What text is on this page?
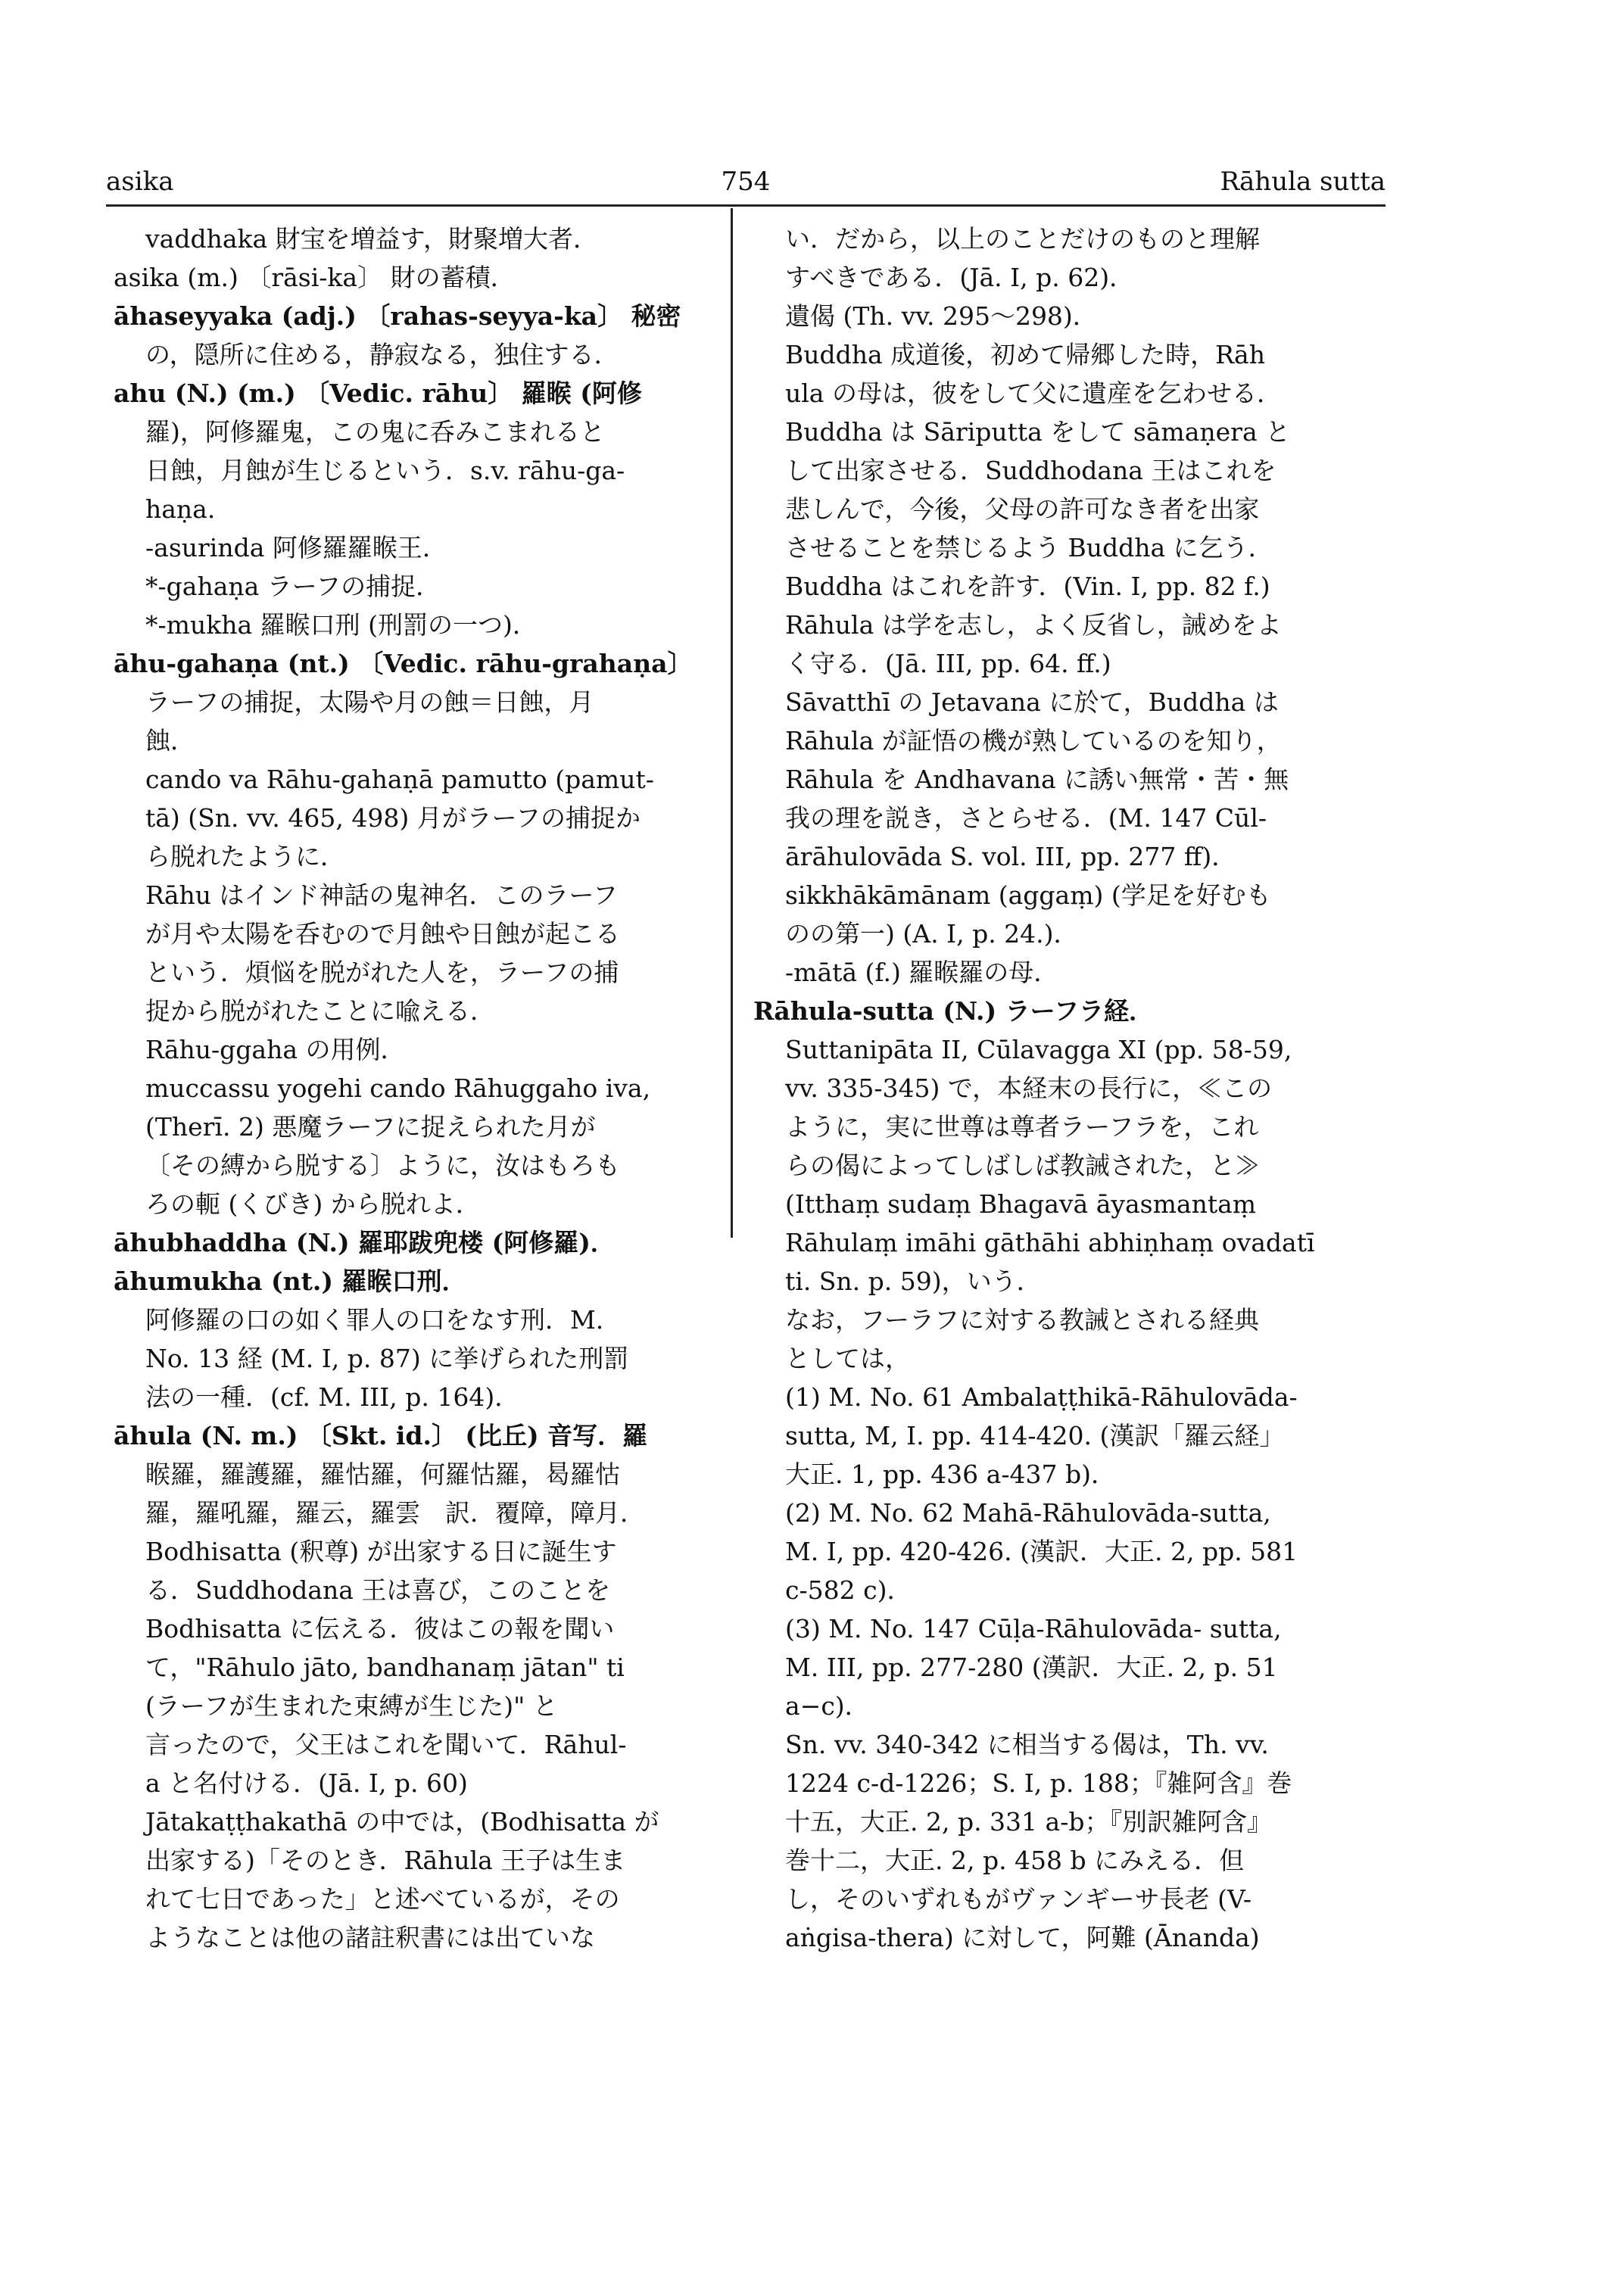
asika	754	Rāhula sutta
vaddhaka 財宝を増益す，財聚増大者．
asika (m.) 〔rāsi-ka〕 財の蓄積．
āhaseyyaka (adj.) 〔rahas-seyya-ka〕 秘密
の，隠所に住める，静寂なる，独住する．
ahu (N.) (m.) 〔Vedic. rāhu〕 羅睺 (阿修
羅)，阿修羅鬼，この鬼に呑みこまれると
日蝕，月蝕が生じるという．s.v. rāhu-ga-
haṇa.
-asurinda 阿修羅羅睺王．
*-gahaṇa ラーフの捕捉．
*-mukha 羅睺口刑 (刑罰の一つ)．
āhu-gahaṇa (nt.) 〔Vedic. rāhu-grahaṇa〕
ラーフの捕捉，太陽や月の蝕＝日蝕，月
蝕．
cando va Rāhu-gahaṇā pamutto (pamut-
tā) (Sn. vv. 465, 498) 月がラーフの捕捉か
ら脱れたように．
Rāhu はインド神話の鬼神名．このラーフ
が月や太陽を呑むので月蝕や日蝕が起こる
という．煩悩を脱がれた人を，ラーフの捕
捉から脱がれたことに喩える．
Rāhu-ggaha の用例．
muccassu yogehi cando Rāhuggaho iva,
(Therī. 2) 悪魔ラーフに捉えられた月が
〔その縛から脱する〕ように，汝はもろも
ろの軛 (くびき) から脱れよ．
āhubhaddha (N.) 羅耶跋兜楼 (阿修羅)．
āhumukha (nt.) 羅睺口刑．
阿修羅の口の如く罪人の口をなす刑．M.
No. 13 経 (M. I, p. 87) に挙げられた刑罰
法の一種．(cf. M. III, p. 164)．
āhula (N. m.) 〔Skt. id.〕 (比丘) 音写．羅
睺羅，羅護羅，羅怙羅，何羅怙羅，曷羅怙
羅，羅吼羅，羅云，羅雲　訳．覆障，障月．
Bodhisatta (釈尊) が出家する日に誕生す
る．Suddhodana 王は喜び，このことを
Bodhisatta に伝える．彼はこの報を聞い
て，"Rāhulo jāto, bandhanaṃ jātan" ti
(ラーフが生まれた束縛が生じた)" と
言ったので，父王はこれを聞いて．Rāhul-
a と名付ける．(Jā. I, p. 60)
Jātakaṭṭhakathā の中では，(Bodhisatta が
出家する)「そのとき．Rāhula 王子は生ま
れて七日であった」と述べているが，その
ようなことは他の諸註釈書には出ていな
い．だから，以上のことだけのものと理解
すべきである．(Jā. I, p. 62)．
遺偈 (Th. vv. 295〜298)．
Buddha 成道後，初めて帰郷した時，Rāh
ula の母は，彼をして父に遺産を乞わせる．
Buddha は Sāriputta をして sāmaṇera と
して出家させる．Suddhodana 王はこれを
悲しんで，今後，父母の許可なき者を出家
させることを禁じるよう Buddha に乞う．
Buddha はこれを許す．(Vin. I, pp. 82 f.)
Rāhula は学を志し，よく反省し，誡めをよ
く守る．(Jā. III, pp. 64. ff.)
Sāvatthī の Jetavana に於て，Buddha は
Rāhula が証悟の機が熟しているのを知り，
Rāhula を Andhavana に誘い無常・苦・無
我の理を説き，さとらせる．(M. 147 Cūl-
ārāhulovāda S. vol. III, pp. 277 ff)．
sikkhākāmānam (aggaṃ) (学足を好むも
のの第一) (A. I, p. 24.)．
-mātā (f.) 羅睺羅の母．
Rāhula-sutta (N.) ラーフラ経．
Suttanipāta II, Cūlavagga XI (pp. 58-59,
vv. 335-345) で，本経末の長行に，≪この
ように，実に世尊は尊者ラーフラを，これ
らの偈によってしばしば教誡された，と≫
(Itthaṃ sudaṃ Bhagavā āyasmantaṃ
Rāhulaṃ imāhi gāthāhi abhiṇhaṃ ovadatī
ti. Sn. p. 59)，いう．
なお，フーラフに対する教誡とされる経典
としては，
(1) M. No. 61 Ambalaṭṭhikā-Rāhulovāda-
sutta, M, I. pp. 414-420. (漢訳「羅云経」
大正. 1, pp. 436 a-437 b)．
(2) M. No. 62 Mahā-Rāhulovāda-sutta,
M. I, pp. 420-426. (漢訳．大正. 2, pp. 581
c-582 c)．
(3) M. No. 147 Cūḷa-Rāhulovāda- sutta,
M. III, pp. 277-280 (漢訳．大正. 2, p. 51
a−c)．
Sn. vv. 340-342 に相当する偈は，Th. vv.
1224 c-d-1226；S. I, p. 188；『雑阿含』巻
十五，大正. 2, p. 331 a-b；『別訳雑阿含』
巻十二，大正. 2, p. 458 b にみえる．但
し，そのいずれもがヴァンギーサ長老 (V-
aṅgisa-thera) に対して，阿難 (Ānanda)
